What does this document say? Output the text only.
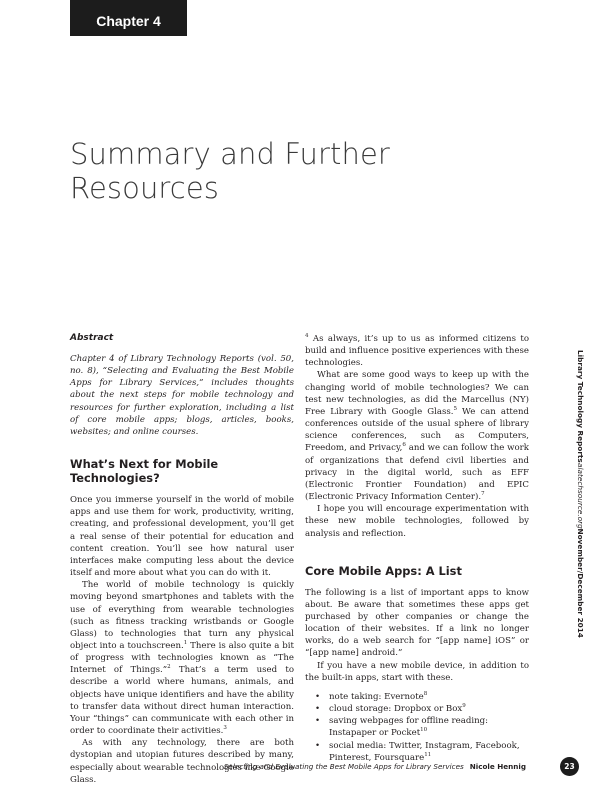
Chapter 4
Summary and Further
Resources

Abstract

Chapter 4 of Library Technology Reports (vol. 50, no. 8), “Selecting and Evaluating the Best Mobile Apps for Library Services,” includes thoughts about the next steps for mobile technology and resources for further exploration, including a list of core mobile apps; blogs, articles, books, websites; and online courses.

What’s Next for Mobile Technologies?

Once you immerse yourself in the world of mobile apps and use them for work, productivity, writing, creating, and professional development, you’ll get a real sense of their potential for education and content creation. You’ll see how natural user interfaces make computing less about the device itself and more about what you can do with it.

The world of mobile technology is quickly moving beyond smartphones and tablets with the use of everything from wearable technologies (such as fitness tracking wristbands or Google Glass) to technologies that turn any physical object into a touchscreen.$^1$ There is also quite a bit of progress with technologies known as “The Internet of Things.”$^2$ That’s a term used to describe a world where humans, animals, and objects have unique identifiers and have the ability to transfer data without direct human interaction. Your “things” can communicate with each other in order to coordinate their activities.$^3$

As with any technology, there are both dystopian and utopian futures described by many, especially about wearable technologies like Google Glass.

$^4$ As always, it’s up to us as informed citizens to build and influence positive experiences with these technologies.

What are some good ways to keep up with the changing world of mobile technologies? We can test new technologies, as did the Marcellus (NY) Free Library with Google Glass.$^5$ We can attend conferences outside of the usual sphere of library science conferences, such as Computers, Freedom, and Privacy,$^6$ and we can follow the work of organizations that defend civil liberties and privacy in the digital world, such as EFF (Electronic Frontier Foundation) and EPIC (Electronic Privacy Information Center).$^7$

I hope you will encourage experimentation with these new mobile technologies, followed by analysis and reflection.

Core Mobile Apps: A List

The following is a list of important apps to know about. Be aware that sometimes these apps get purchased by other companies or change the location of their websites. If a link no longer works, do a web search for “[app name] iOS” or “[app name] android.”

If you have a new mobile device, in addition to the built-in apps, start with these.

• note taking: Evernote$^8$
• cloud storage: Dropbox or Box$^9$
• saving webpages for offline reading: Instapaper or Pocket$^{10}$
• social media: Twitter, Instagram, Facebook, Pinterest, Foursquare$^{11}$
Library Technology Reportsalatechsource.orgNovember/December 2014
Selecting and Evaluating the Best Mobile Apps for Library Services Nicole Hennig	23
